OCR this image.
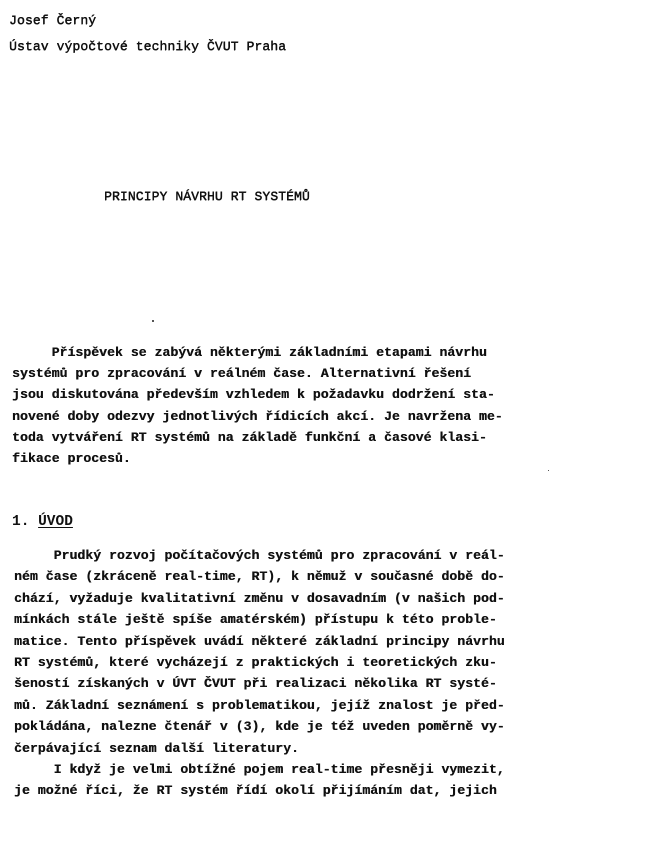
Josef Černý
Ústav výpočtové techniky ČVUT Praha
PRINCIPY NÁVRHU RT SYSTÉMŮ
Příspěvek se zabývá některými základními etapami návrhu
systémů pro zpracování v reálném čase. Alternativní řešení
jsou diskutována především vzhledem k požadavku dodržení sta-
novené doby odezvy jednotlivých řídicích akcí. Je navržena me-
toda vytváření RT systémů na základě funkční a časové klasi-
fikace procesů.
1. ÚVOD
Prudký rozvoj počítačových systémů pro zpracování v reál-
ném čase (zkráceně real-time, RT), k němuž v současné době do-
chází, vyžaduje kvalitativní změnu v dosavadním (v našich pod-
mínkách stále ještě spíše amatérském) přístupu k této proble-
matice. Tento příspěvek uvádí některé základní principy návrhu
RT systémů, které vycházejí z praktických i teoretických zku-
šeností získaných v ÚVT ČVUT při realizaci několika RT systé-
mů. Základní seznámení s problematikou, jejíž znalost je před-
pokládána, nalezne čtenář v (3), kde je též uveden poměrně vy-
čerpávající seznam další literatury.
I když je velmi obtížné pojem real-time přesněji vymezit,
je možné říci, že RT systém řídí okolí přijímáním dat, jejich
